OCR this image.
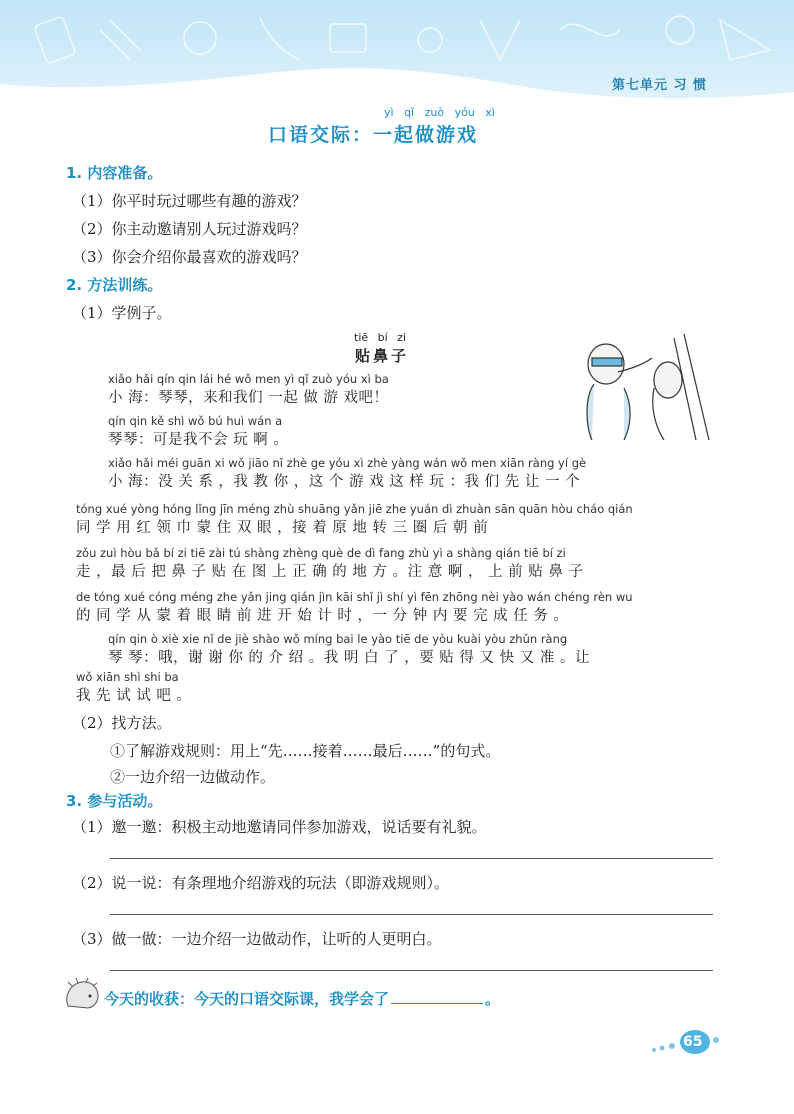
第七单元 习 惯
yì qǐ zuò yóu xì
口语交际：一起做游戏
1. 内容准备。
（1）你平时玩过哪些有趣的游戏？
（2）你主动邀请别人玩过游戏吗？
（3）你会介绍你最喜欢的游戏吗？
2. 方法训练。
（1）学例子。
tiē bí zi
贴鼻子
xiǎo hǎi qín qin lái hé wǒ men yì qǐ zuò yóu xì ba
小 海：琴琴，来和我们 一起 做 游 戏吧！
qín qin kě shì wǒ bú huì wán a
琴琴：可是我不会 玩 啊 。
xiǎo hǎi méi guān xi wǒ jiāo nǐ zhè ge yóu xì zhè yàng wán wǒ men xiān ràng yí gè
小 海：没 关 系 ，我 教 你 ，这 个 游 戏 这 样 玩 ：我 们 先 让 一 个
tóng xué yòng hóng lǐng jīn méng zhù shuāng yǎn jiē zhe yuán dì zhuàn sān quān hòu cháo qián
同 学 用 红 领 巾 蒙 住 双 眼 ，接 着 原 地 转 三 圈 后 朝 前
zǒu zuì hòu bǎ bí zi tiē zài tú shàng zhèng què de dì fang zhù yì a shàng qián tiē bí zi
走 ，最 后 把 鼻 子 贴 在 图 上 正 确 的 地 方 。注 意 啊 ， 上 前 贴 鼻 子
de tóng xué cóng méng zhe yǎn jing qián jìn kāi shǐ jì shí yì fēn zhōng nèi yào wán chéng rèn wu
的 同 学 从 蒙 着 眼 睛 前 进 开 始 计 时 ，一 分 钟 内 要 完 成 任 务 。
qín qin ò xiè xie nǐ de jiè shào wǒ míng bai le yào tiē de yòu kuài yòu zhǔn ràng
琴 琴：哦，谢 谢 你 的 介 绍 。我 明 白 了 ，要 贴 得 又 快 又 准 。让
wǒ xiān shì shi ba
我 先 试 试 吧 。
（2）找方法。
①了解游戏规则：用上“先……接着……最后……”的句式。
②一边介绍一边做动作。
3. 参与活动。
（1）邀一邀：积极主动地邀请同伴参加游戏，说话要有礼貌。
（2）说一说：有条理地介绍游戏的玩法（即游戏规则）。
（3）做一做：一边介绍一边做动作，让听的人更明白。
今天的收获：今天的口语交际课，我学会了	。
65
